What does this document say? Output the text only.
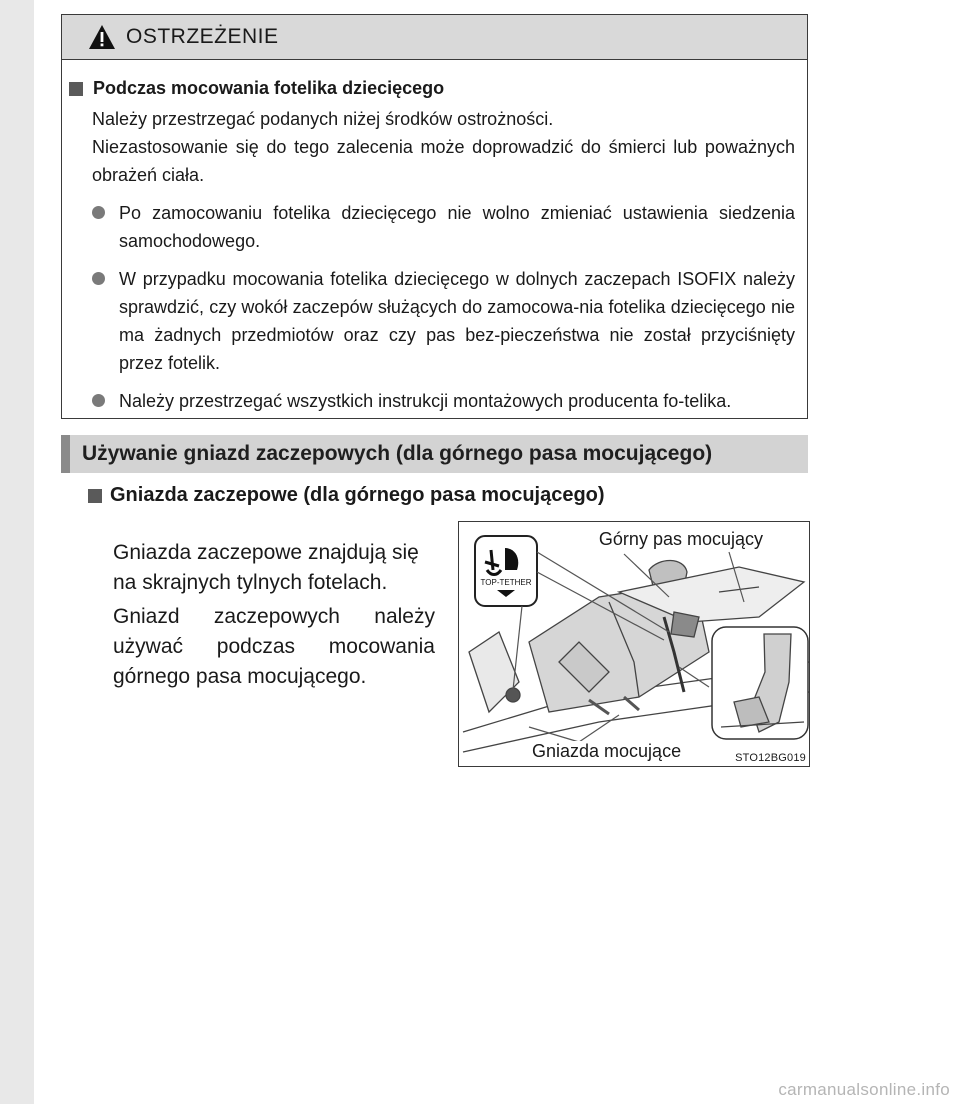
OSTRZEŻENIE
Podczas mocowania fotelika dziecięcego

Należy przestrzegać podanych niżej środków ostrożności.

Niezastosowanie się do tego zalecenia może doprowadzić do śmierci lub poważnych obrażeń ciała.

Po zamocowaniu fotelika dziecięcego nie wolno zmieniać ustawienia siedzenia samochodowego.
W przypadku mocowania fotelika dziecięcego w dolnych zaczepach ISOFIX należy sprawdzić, czy wokół zaczepów służących do zamocowa-nia fotelika dziecięcego nie ma żadnych przedmiotów oraz czy pas bez-pieczeństwa nie został przyciśnięty przez fotelik.
Należy przestrzegać wszystkich instrukcji montażowych producenta fo-telika.
Używanie gniazd zaczepowych (dla górnego pasa mocującego)
Gniazda zaczepowe (dla górnego pasa mocującego)

Gniazda zaczepowe znajdują się na skrajnych tylnych fotelach.

Gniazd zaczepowych należy używać podczas mocowania górnego pasa mocującego.

TOP-TETHER
Górny pas mocujący
Gniazda mocujące	STO12BG019
carmanualsonline.info
